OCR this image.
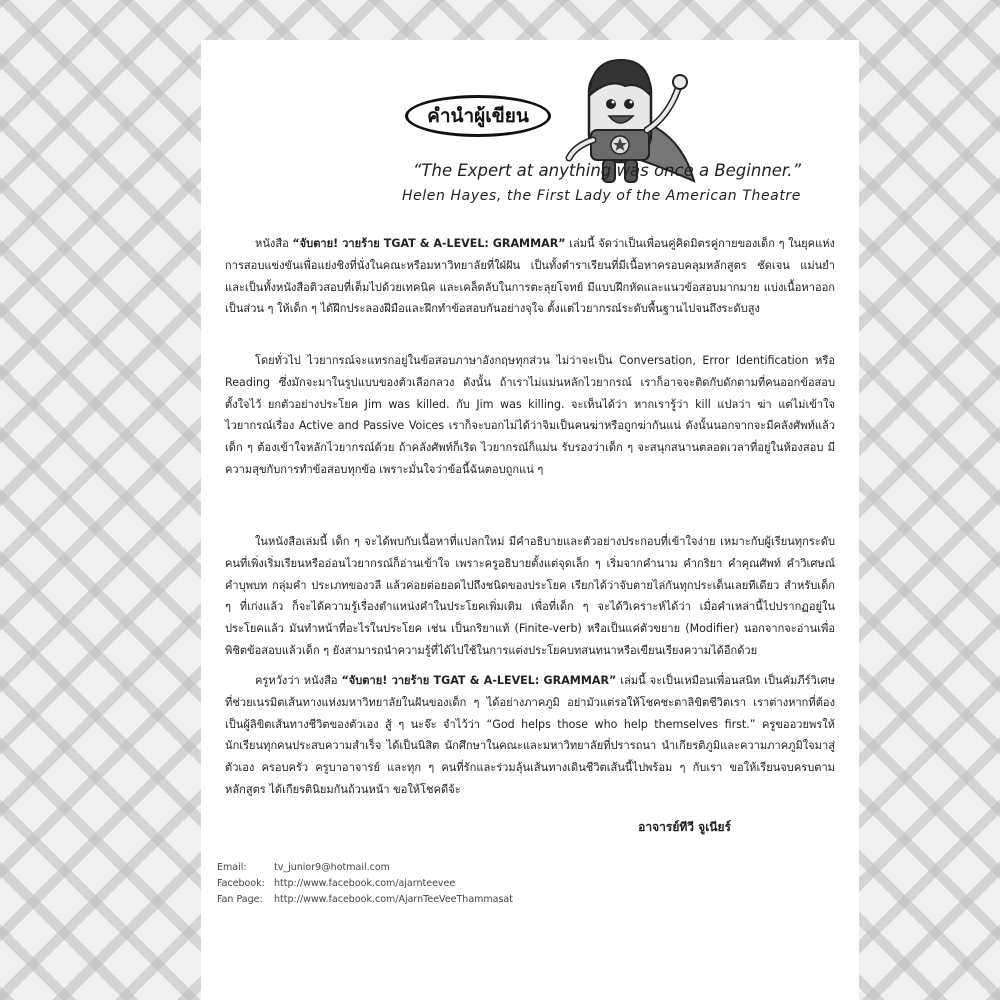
คำนำผู้เขียน
“The Expert at anything was once a Beginner.”
Helen Hayes, the First Lady of the American Theatre

หนังสือ “จับตาย! วายร้าย TGAT & A-LEVEL: GRAMMAR” เล่มนี้ จัดว่าเป็นเพื่อนคู่คิดมิตรคู่กายของเด็ก ๆ ในยุคแห่งการสอบแข่งขันเพื่อแย่งชิงที่นั่งในคณะหรือมหาวิทยาลัยที่ใฝ่ฝัน เป็นทั้งตำราเรียนที่มีเนื้อหาครอบคลุมหลักสูตร ชัดเจน แม่นยำ และเป็นทั้งหนังสือติวสอบที่เต็มไปด้วยเทคนิค และเคล็ดลับในการตะลุยโจทย์ มีแบบฝึกหัดและแนวข้อสอบมากมาย แบ่งเนื้อหาออกเป็นส่วน ๆ ให้เด็ก ๆ ได้ฝึกประลองฝีมือและฝึกทำข้อสอบกันอย่างจุใจ ตั้งแต่ไวยากรณ์ระดับพื้นฐานไปจนถึงระดับสูง

โดยทั่วไป ไวยากรณ์จะแทรกอยู่ในข้อสอบภาษาอังกฤษทุกส่วน ไม่ว่าจะเป็น Conversation, Error Identification หรือ Reading ซึ่งมักจะมาในรูปแบบของตัวเลือกลวง ดังนั้น ถ้าเราไม่แม่นหลักไวยากรณ์ เราก็อาจจะติดกับดักตามที่คนออกข้อสอบตั้งใจไว้ ยกตัวอย่างประโยค Jim was killed. กับ Jim was killing. จะเห็นได้ว่า หากเรารู้ว่า kill แปลว่า ฆ่า แต่ไม่เข้าใจไวยากรณ์เรื่อง Active and Passive Voices เราก็จะบอกไม่ได้ว่าจิมเป็นคนฆ่าหรือถูกฆ่ากันแน่ ดังนั้นนอกจากจะมีคลังศัพท์แล้ว เด็ก ๆ ต้องเข้าใจหลักไวยากรณ์ด้วย ถ้าคลังศัพท์ก็เริด ไวยากรณ์ก็แม่น รับรองว่าเด็ก ๆ จะสนุกสนานตลอดเวลาที่อยู่ในห้องสอบ มีความสุขกับการทำข้อสอบทุกข้อ เพราะมั่นใจว่าข้อนี้ฉันตอบถูกแน่ ๆ

ในหนังสือเล่มนี้ เด็ก ๆ จะได้พบกับเนื้อหาที่แปลกใหม่ มีคำอธิบายและตัวอย่างประกอบที่เข้าใจง่าย เหมาะกับผู้เรียนทุกระดับ คนที่เพิ่งเริ่มเรียนหรืออ่อนไวยากรณ์ก็อ่านเข้าใจ เพราะครูอธิบายตั้งแต่จุดเล็ก ๆ เริ่มจากคำนาม คำกริยา คำคุณศัพท์ คำวิเศษณ์ คำบุพบท กลุ่มคำ ประเภทของวลี แล้วค่อยต่อยอดไปถึงชนิดของประโยค เรียกได้ว่าจับตายไล่กันทุกประเด็นเลยทีเดียว สำหรับเด็ก ๆ ที่เก่งแล้ว ก็จะได้ความรู้เรื่องตำแหน่งคำในประโยคเพิ่มเติม เพื่อที่เด็ก ๆ จะได้วิเคราะห์ได้ว่า เมื่อคำเหล่านี้ไปปรากฏอยู่ในประโยคแล้ว มันทำหน้าที่อะไรในประโยค เช่น เป็นกริยาแท้ (Finite-verb) หรือเป็นแค่ตัวขยาย (Modifier) นอกจากจะอ่านเพื่อพิชิตข้อสอบแล้วเด็ก ๆ ยังสามารถนำความรู้ที่ได้ไปใช้ในการแต่งประโยคบทสนทนาหรือเขียนเรียงความได้อีกด้วย

ครูหวังว่า หนังสือ “จับตาย! วายร้าย TGAT & A-LEVEL: GRAMMAR” เล่มนี้ จะเป็นเหมือนเพื่อนสนิท เป็นคัมภีร์วิเศษที่ช่วยเนรมิตเส้นทางแห่งมหาวิทยาลัยในฝันของเด็ก ๆ ได้อย่างภาคภูมิ อย่ามัวแต่รอให้โชคชะตาลิขิตชีวิตเรา เราต่างหากที่ต้องเป็นผู้ลิขิตเส้นทางชีวิตของตัวเอง สู้ ๆ นะจ๊ะ จำไว้ว่า “God helps those who help themselves first.” ครูขออวยพรให้นักเรียนทุกคนประสบความสำเร็จ ได้เป็นนิสิต นักศึกษาในคณะและมหาวิทยาลัยที่ปรารถนา นำเกียรติภูมิและความภาคภูมิใจมาสู่ตัวเอง ครอบครัว ครูบาอาจารย์ และทุก ๆ คนที่รักและร่วมลุ้นเส้นทางเดินชีวิตเส้นนี้ไปพร้อม ๆ กับเรา ขอให้เรียนจบครบตามหลักสูตร ได้เกียรตินิยมกันถ้วนหน้า ขอให้โชคดีจ้ะ

อาจารย์ทีวี จูเนียร์
Email:	tv_junior9@hotmail.com
Facebook: http://www.facebook.com/ajarnteevee
Fan Page:	http://www.facebook.com/AjarnTeeVeeThammasat
